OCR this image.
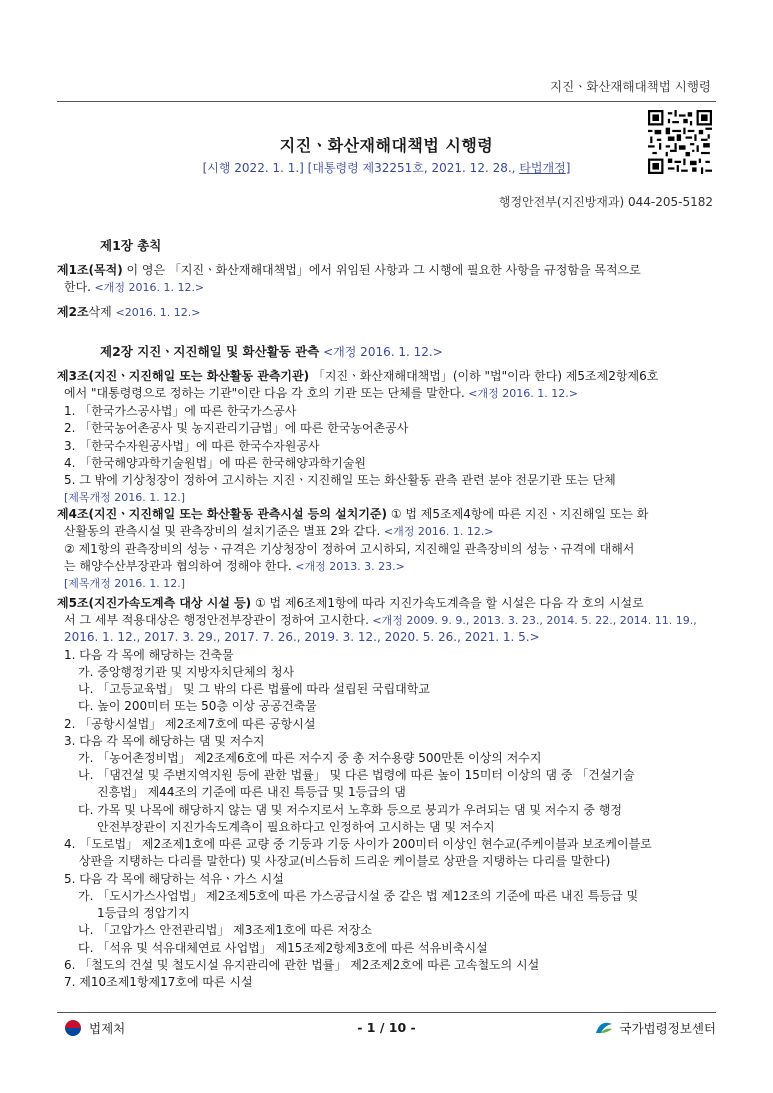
지진ㆍ화산재해대책법 시행령
지진ㆍ화산재해대책법 시행령
[시행 2022. 1. 1.] [대통령령 제32251호, 2021. 12. 28., 타법개정]
행정안전부(지진방재과) 044-205-5182
제1장 총칙
제1조(목적) 이 영은 「지진ㆍ화산재해대책법」에서 위임된 사항과 그 시행에 필요한 사항을 규정함을 목적으로
한다. <개정 2016. 1. 12.>
제2조삭제 <2016. 1. 12.>
제2장 지진ㆍ지진해일 및 화산활동 관측 <개정 2016. 1. 12.>
제3조(지진ㆍ지진해일 또는 화산활동 관측기관) 「지진ㆍ화산재해대책법」(이하 "법"이라 한다) 제5조제2항제6호
에서 "대통령령으로 정하는 기관"이란 다음 각 호의 기관 또는 단체를 말한다. <개정 2016. 1. 12.>
1. 「한국가스공사법」에 따른 한국가스공사
2. 「한국농어촌공사 및 농지관리기금법」에 따른 한국농어촌공사
3. 「한국수자원공사법」에 따른 한국수자원공사
4. 「한국해양과학기술원법」에 따른 한국해양과학기술원
5. 그 밖에 기상청장이 정하여 고시하는 지진ㆍ지진해일 또는 화산활동 관측 관련 분야 전문기관 또는 단체
[제목개정 2016. 1. 12.]
제4조(지진ㆍ지진해일 또는 화산활동 관측시설 등의 설치기준) ① 법 제5조제4항에 따른 지진ㆍ지진해일 또는 화
산활동의 관측시설 및 관측장비의 설치기준은 별표 2와 같다. <개정 2016. 1. 12.>
② 제1항의 관측장비의 성능ㆍ규격은 기상청장이 정하여 고시하되, 지진해일 관측장비의 성능ㆍ규격에 대해서
는 해양수산부장관과 협의하여 정해야 한다. <개정 2013. 3. 23.>
[제목개정 2016. 1. 12.]
제5조(지진가속도계측 대상 시설 등) ① 법 제6조제1항에 따라 지진가속도계측을 할 시설은 다음 각 호의 시설로
서 그 세부 적용대상은 행정안전부장관이 정하여 고시한다. <개정 2009. 9. 9., 2013. 3. 23., 2014. 5. 22., 2014. 11. 19.,
2016. 1. 12., 2017. 3. 29., 2017. 7. 26., 2019. 3. 12., 2020. 5. 26., 2021. 1. 5.>
1. 다음 각 목에 해당하는 건축물
가. 중앙행정기관 및 지방자치단체의 청사
나. 「고등교육법」 및 그 밖의 다른 법률에 따라 설립된 국립대학교
다. 높이 200미터 또는 50층 이상 공공건축물
2. 「공항시설법」 제2조제7호에 따른 공항시설
3. 다음 각 목에 해당하는 댐 및 저수지
가. 「농어촌정비법」 제2조제6호에 따른 저수지 중 총 저수용량 500만톤 이상의 저수지
나. 「댐건설 및 주변지역지원 등에 관한 법률」 및 다른 법령에 따른 높이 15미터 이상의 댐 중 「건설기술
진흥법」 제44조의 기준에 따른 내진 특등급 및 1등급의 댐
다. 가목 및 나목에 해당하지 않는 댐 및 저수지로서 노후화 등으로 붕괴가 우려되는 댐 및 저수지 중 행정
안전부장관이 지진가속도계측이 필요하다고 인정하여 고시하는 댐 및 저수지
4. 「도로법」 제2조제1호에 따른 교량 중 기둥과 기둥 사이가 200미터 이상인 현수교(주케이블과 보조케이블로
상판을 지탱하는 다리를 말한다) 및 사장교(비스듬히 드리운 케이블로 상판을 지탱하는 다리를 말한다)
5. 다음 각 목에 해당하는 석유ㆍ가스 시설
가. 「도시가스사업법」 제2조제5호에 따른 가스공급시설 중 같은 법 제12조의 기준에 따른 내진 특등급 및
1등급의 정압기지
나. 「고압가스 안전관리법」 제3조제1호에 따른 저장소
다. 「석유 및 석유대체연료 사업법」 제15조제2항제3호에 따른 석유비축시설
6. 「철도의 건설 및 철도시설 유지관리에 관한 법률」 제2조제2호에 따른 고속철도의 시설
7. 제10조제1항제17호에 따른 시설
법제처	- 1 / 10 -	국가법령정보센터
